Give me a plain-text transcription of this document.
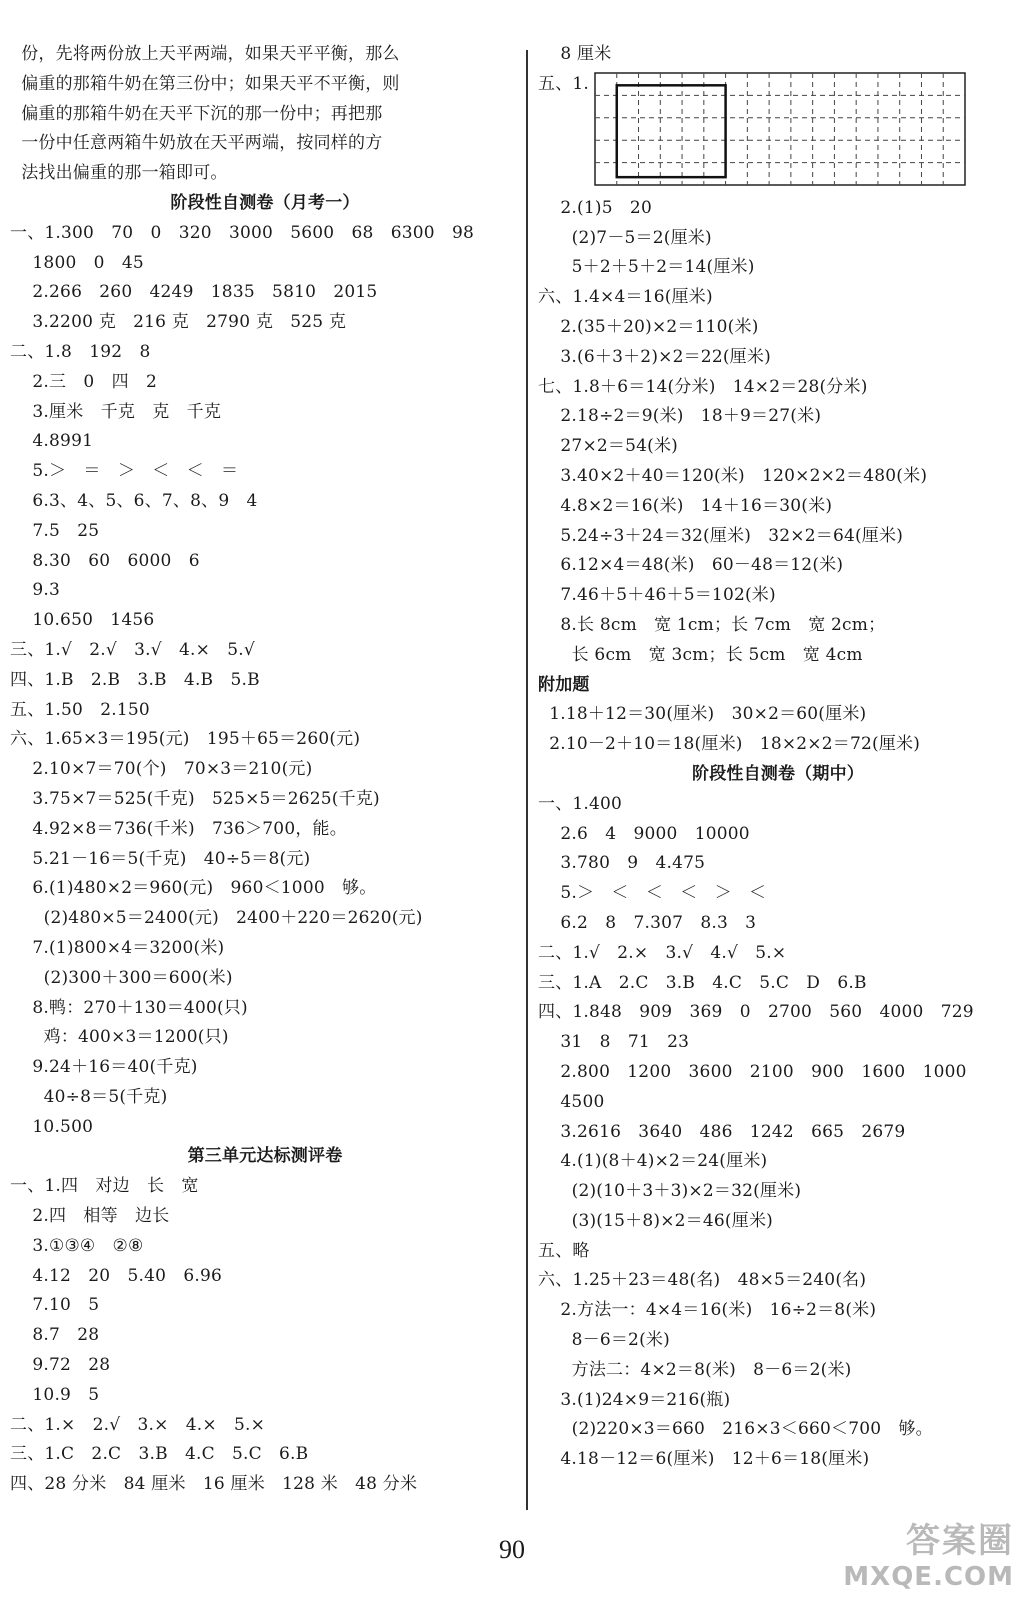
份，先将两份放上天平两端，如果天平平衡，那么
偏重的那箱牛奶在第三份中；如果天平不平衡，则
偏重的那箱牛奶在天平下沉的那一份中；再把那
一份中任意两箱牛奶放在天平两端，按同样的方
法找出偏重的那一箱即可。
阶段性自测卷（月考一）
一、1.300　70　0　320　3000　5600　68　6300　98
1800　0　45
2.266　260　4249　1835　5810　2015
3.2200 克　216 克　2790 克　525 克
二、1.8　192　8
2.三　0　四　2
3.厘米　千克　克　千克
4.8991
5.＞　＝　＞　＜　＜　＝
6.3、4、5、6、7、8、9　4
7.5　25
8.30　60　6000　6
9.3
10.650　1456
三、1.√　2.√　3.√　4.×　5.√
四、1.B　2.B　3.B　4.B　5.B
五、1.50　2.150
六、1.65×3＝195(元)　195＋65＝260(元)
2.10×7＝70(个)　70×3＝210(元)
3.75×7＝525(千克)　525×5＝2625(千克)
4.92×8＝736(千米)　736＞700，能。
5.21－16＝5(千克)　40÷5＝8(元)
6.(1)480×2＝960(元)　960＜1000　够。
(2)480×5＝2400(元)　2400＋220＝2620(元)
7.(1)800×4＝3200(米)
(2)300＋300＝600(米)
8.鸭：270＋130＝400(只)
鸡：400×3＝1200(只)
9.24＋16＝40(千克)
40÷8＝5(千克)
10.500
第三单元达标测评卷
一、1.四　对边　长　宽
2.四　相等　边长
3.①③④　②⑧
4.12　20　5.40　6.96
7.10　5
8.7　28
9.72　28
10.9　5
二、1.×　2.√　3.×　4.×　5.×
三、1.C　2.C　3.B　4.C　5.C　6.B
四、28 分米　84 厘米　16 厘米　128 米　48 分米
8 厘米
五、1.
2.(1)5　20
(2)7－5＝2(厘米)
5＋2＋5＋2＝14(厘米)
六、1.4×4＝16(厘米)
2.(35＋20)×2＝110(米)
3.(6＋3＋2)×2＝22(厘米)
七、1.8＋6＝14(分米)　14×2＝28(分米)
2.18÷2＝9(米)　18＋9＝27(米)
27×2＝54(米)
3.40×2＋40＝120(米)　120×2×2＝480(米)
4.8×2＝16(米)　14＋16＝30(米)
5.24÷3＋24＝32(厘米)　32×2＝64(厘米)
6.12×4＝48(米)　60－48＝12(米)
7.46＋5＋46＋5＝102(米)
8.长 8cm　宽 1cm；长 7cm　宽 2cm；
长 6cm　宽 3cm；长 5cm　宽 4cm
附加题
1.18＋12＝30(厘米)　30×2＝60(厘米)
2.10－2＋10＝18(厘米)　18×2×2＝72(厘米)
阶段性自测卷（期中）
一、1.400
2.6　4　9000　10000
3.780　9　4.475
5.＞　＜　＜　＜　＞　＜
6.2　8　7.307　8.3　3
二、1.√　2.×　3.√　4.√　5.×
三、1.A　2.C　3.B　4.C　5.C　D　6.B
四、1.848　909　369　0　2700　560　4000　729
31　8　71　23
2.800　1200　3600　2100　900　1600　1000
4500
3.2616　3640　486　1242　665　2679
4.(1)(8＋4)×2＝24(厘米)
(2)(10＋3＋3)×2＝32(厘米)
(3)(15＋8)×2＝46(厘米)
五、略
六、1.25＋23＝48(名)　48×5＝240(名)
2.方法一：4×4＝16(米)　16÷2＝8(米)
8－6＝2(米)
方法二：4×2＝8(米)　8－6＝2(米)
3.(1)24×9＝216(瓶)
(2)220×3＝660　216×3＜660＜700　够。
4.18－12＝6(厘米)　12＋6＝18(厘米)
90	答案圈
MXQE.COM
